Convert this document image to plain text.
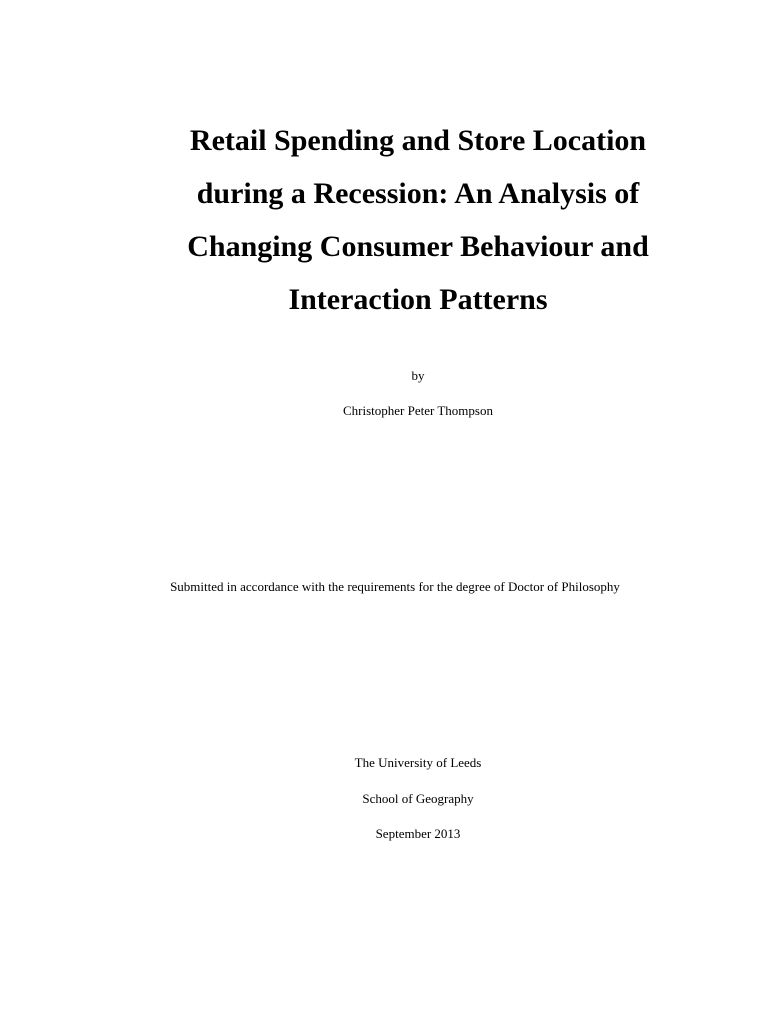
Retail Spending and Store Location
during a Recession: An Analysis of
Changing Consumer Behaviour and
Interaction Patterns
by
Christopher Peter Thompson
Submitted in accordance with the requirements for the degree of Doctor of Philosophy
The University of Leeds
School of Geography
September 2013
